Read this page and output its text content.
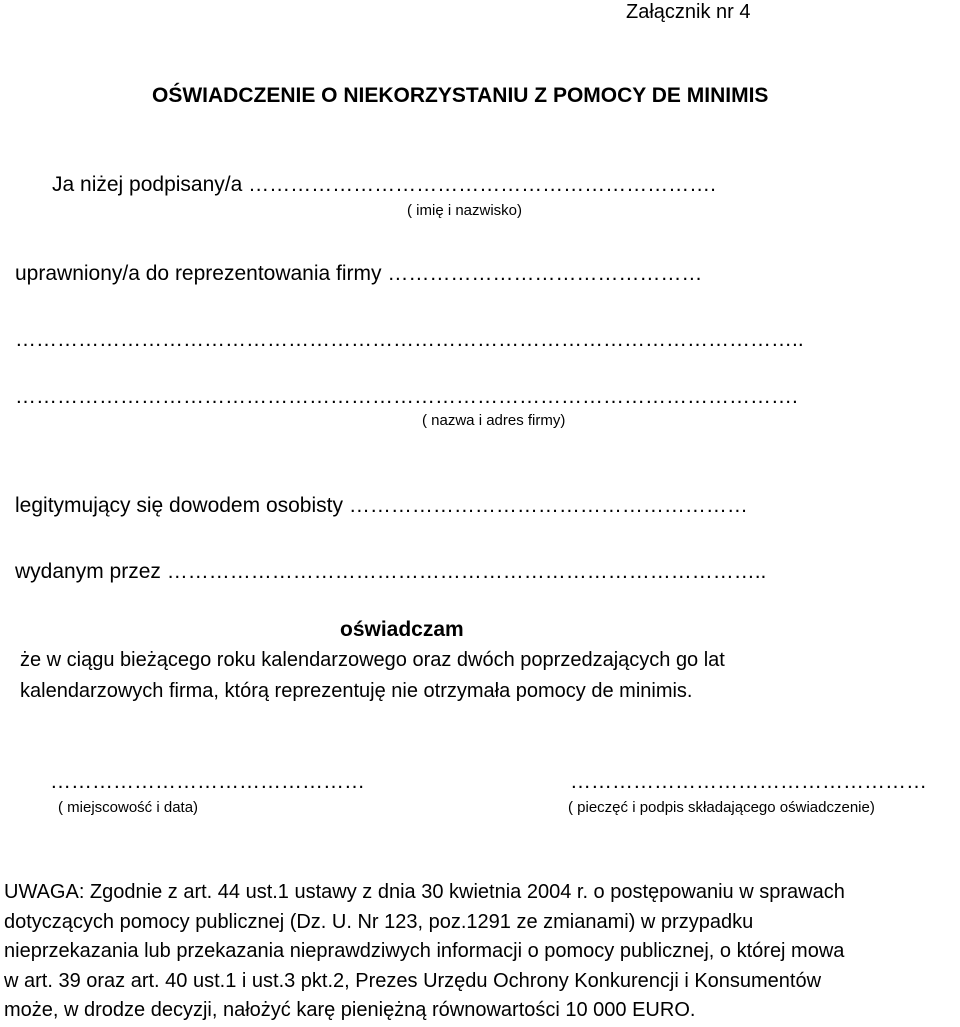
Załącznik nr 4
OŚWIADCZENIE O NIEKORZYSTANIU Z POMOCY DE MINIMIS
Ja niżej podpisany/a ………………………………………………………….
( imię i nazwisko)
uprawniony/a do reprezentowania firmy ………………………………………
…………………………………………………………………………………………………..
………………………………………………………………………………………………….
( nazwa i adres firmy)
legitymujący się dowodem osobisty …………………………………………………
wydanym przez …………………………………………………………………………..
oświadczam
że w ciągu bieżącego roku kalendarzowego oraz dwóch poprzedzających go lat
kalendarzowych firma, którą reprezentuję nie otrzymała pomocy de minimis.
………………………………………
( miejscowość i data)
……………………………………………
( pieczęć i podpis składającego oświadczenie)
UWAGA: Zgodnie z art. 44 ust.1 ustawy z dnia 30 kwietnia 2004 r. o postępowaniu w sprawach
dotyczących pomocy publicznej (Dz. U. Nr 123, poz.1291 ze zmianami) w przypadku
nieprzekazania lub przekazania nieprawdziwych informacji o pomocy publicznej, o której mowa
w art. 39 oraz art. 40 ust.1 i ust.3 pkt.2, Prezes Urzędu Ochrony Konkurencji i Konsumentów
może, w drodze decyzji, nałożyć karę pieniężną równowartości 10 000 EURO.
